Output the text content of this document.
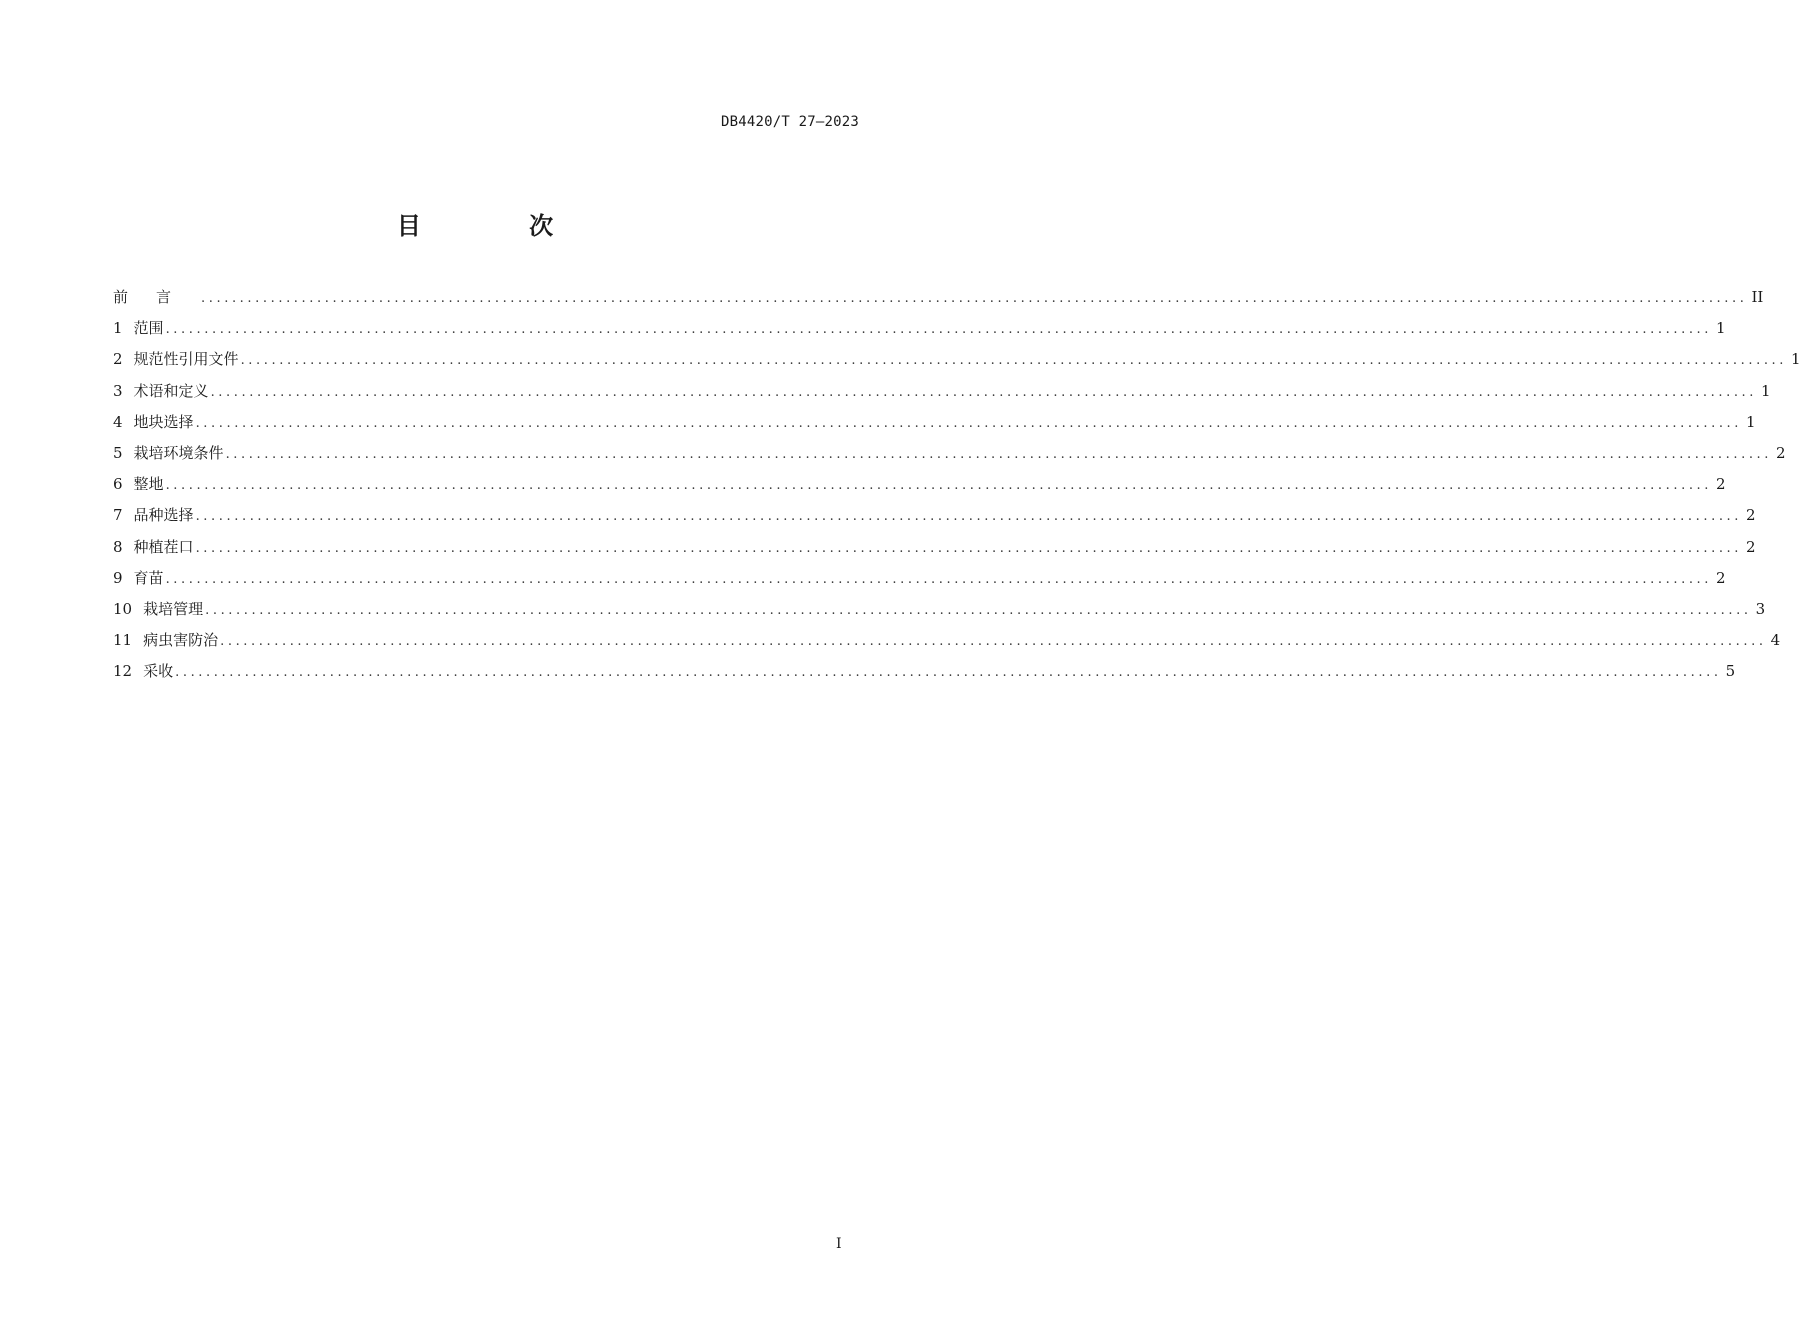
DB4420/T 27—2023
目 次
前言 ........................................................................................................................................................................................................ II
1 范围 ........................................................................................................................................................................................................ 1
2 规范性引用文件 ........................................................................................................................................................................................................ 1
3 术语和定义 ........................................................................................................................................................................................................ 1
4 地块选择 ........................................................................................................................................................................................................ 1
5 栽培环境条件 ........................................................................................................................................................................................................ 2
6 整地 ........................................................................................................................................................................................................ 2
7 品种选择 ........................................................................................................................................................................................................ 2
8 种植茬口 ........................................................................................................................................................................................................ 2
9 育苗 ........................................................................................................................................................................................................ 2
10 栽培管理 ........................................................................................................................................................................................................ 3
11 病虫害防治 ........................................................................................................................................................................................................ 4
12 采收 ........................................................................................................................................................................................................ 5
I
